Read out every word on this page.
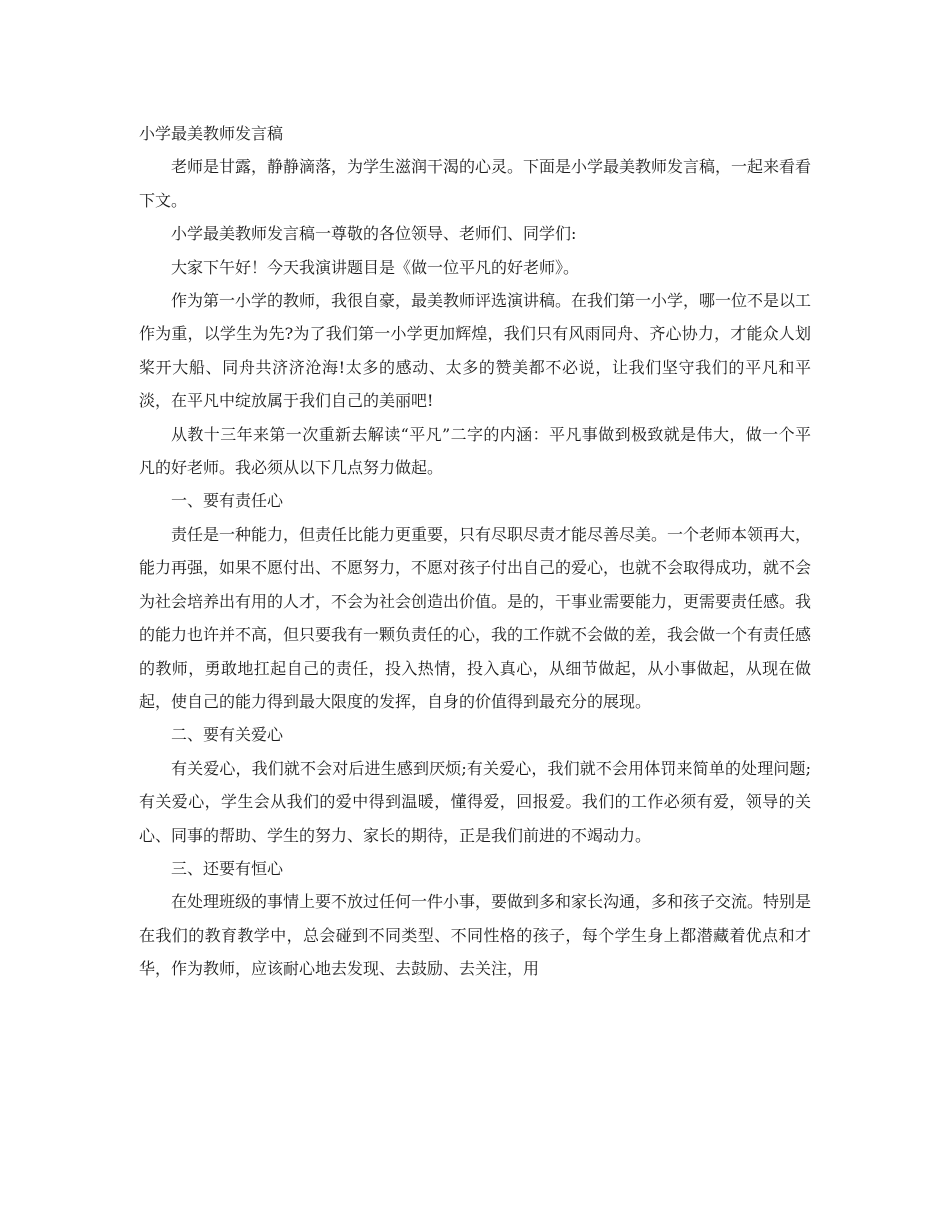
小学最美教师发言稿

老师是甘露，静静滴落，为学生滋润干渴的心灵。下面是小学最美教师发言稿，一起来看看下文。

小学最美教师发言稿一尊敬的各位领导、老师们、同学们:

大家下午好！今天我演讲题目是《做一位平凡的好老师》。

作为第一小学的教师，我很自豪，最美教师评选演讲稿。在我们第一小学，哪一位不是以工作为重，以学生为先?为了我们第一小学更加辉煌，我们只有风雨同舟、齐心协力，才能众人划桨开大船、同舟共济济沧海!太多的感动、太多的赞美都不必说，让我们坚守我们的平凡和平淡，在平凡中绽放属于我们自己的美丽吧!

从教十三年来第一次重新去解读“平凡”二字的内涵：平凡事做到极致就是伟大，做一个平凡的好老师。我必须从以下几点努力做起。

一、要有责任心

责任是一种能力，但责任比能力更重要，只有尽职尽责才能尽善尽美。一个老师本领再大，能力再强，如果不愿付出、不愿努力，不愿对孩子付出自己的爱心，也就不会取得成功，就不会为社会培养出有用的人才，不会为社会创造出价值。是的，干事业需要能力，更需要责任感。我的能力也许并不高，但只要我有一颗负责任的心，我的工作就不会做的差，我会做一个有责任感的教师，勇敢地扛起自己的责任，投入热情，投入真心，从细节做起，从小事做起，从现在做起，使自己的能力得到最大限度的发挥，自身的价值得到最充分的展现。

二、要有关爱心

有关爱心，我们就不会对后进生感到厌烦;有关爱心，我们就不会用体罚来简单的处理问题;有关爱心，学生会从我们的爱中得到温暖，懂得爱，回报爱。我们的工作必须有爱，领导的关心、同事的帮助、学生的努力、家长的期待，正是我们前进的不竭动力。

三、还要有恒心

在处理班级的事情上要不放过任何一件小事，要做到多和家长沟通，多和孩子交流。特别是在我们的教育教学中，总会碰到不同类型、不同性格的孩子，每个学生身上都潜藏着优点和才华，作为教师，应该耐心地去发现、去鼓励、去关注，用
